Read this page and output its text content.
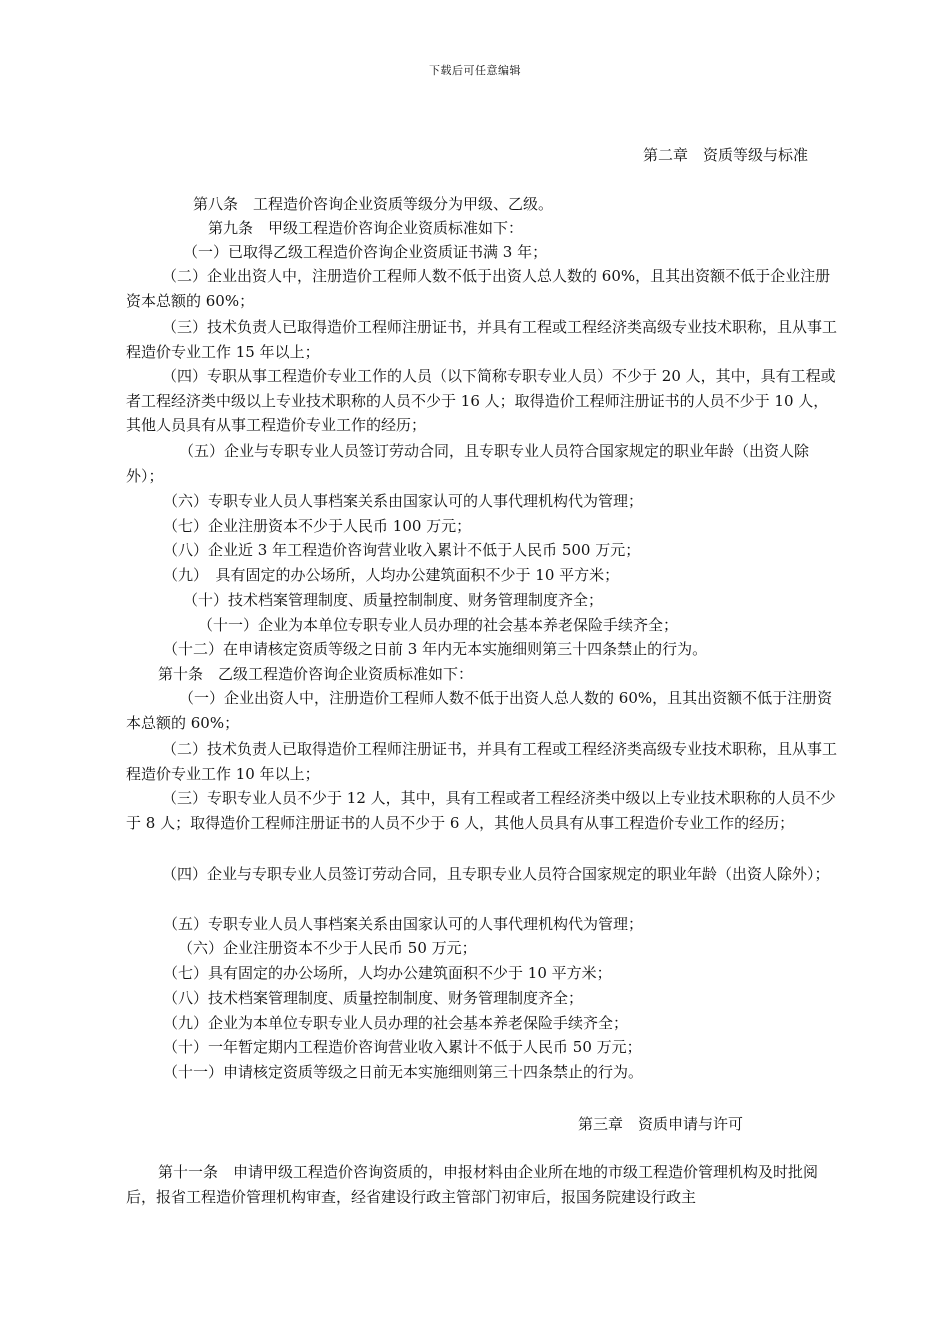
下载后可任意编辑
第二章　资质等级与标准
第八条　工程造价咨询企业资质等级分为甲级、乙级。
第九条　甲级工程造价咨询企业资质标准如下：
（一）已取得乙级工程造价咨询企业资质证书满 3 年；
（二）企业出资人中，注册造价工程师人数不低于出资人总人数的 60%，且其出资额不低于企业注册资本总额的 60%；
（三）技术负责人已取得造价工程师注册证书，并具有工程或工程经济类高级专业技术职称，且从事工程造价专业工作 15 年以上；
（四）专职从事工程造价专业工作的人员（以下简称专职专业人员）不少于 20 人，其中，具有工程或者工程经济类中级以上专业技术职称的人员不少于 16 人；取得造价工程师注册证书的人员不少于 10 人，其他人员具有从事工程造价专业工作的经历；
（五）企业与专职专业人员签订劳动合同，且专职专业人员符合国家规定的职业年龄（出资人除外）；
（六）专职专业人员人事档案关系由国家认可的人事代理机构代为管理；
（七）企业注册资本不少于人民币 100 万元；
（八）企业近 3 年工程造价咨询营业收入累计不低于人民币 500 万元；
（九）　具有固定的办公场所，人均办公建筑面积不少于 10 平方米；
（十）技术档案管理制度、质量控制制度、财务管理制度齐全；
（十一）企业为本单位专职专业人员办理的社会基本养老保险手续齐全；
（十二）在申请核定资质等级之日前 3 年内无本实施细则第三十四条禁止的行为。
第十条　乙级工程造价咨询企业资质标准如下：
（一）企业出资人中，注册造价工程师人数不低于出资人总人数的 60%，且其出资额不低于注册资本总额的 60%；
（二）技术负责人已取得造价工程师注册证书，并具有工程或工程经济类高级专业技术职称，且从事工程造价专业工作 10 年以上；
（三）专职专业人员不少于 12 人，其中，具有工程或者工程经济类中级以上专业技术职称的人员不少于 8 人；取得造价工程师注册证书的人员不少于 6 人，其他人员具有从事工程造价专业工作的经历；
（四）企业与专职专业人员签订劳动合同，且专职专业人员符合国家规定的职业年龄（出资人除外）；
（五）专职专业人员人事档案关系由国家认可的人事代理机构代为管理；
（六）企业注册资本不少于人民币 50 万元；
（七）具有固定的办公场所，人均办公建筑面积不少于 10 平方米；
（八）技术档案管理制度、质量控制制度、财务管理制度齐全；
（九）企业为本单位专职专业人员办理的社会基本养老保险手续齐全；
（十）一年暂定期内工程造价咨询营业收入累计不低于人民币 50 万元；
（十一）申请核定资质等级之日前无本实施细则第三十四条禁止的行为。
第三章　资质申请与许可
第十一条　申请甲级工程造价咨询资质的，申报材料由企业所在地的市级工程造价管理机构及时批阅后，报省工程造价管理机构审查，经省建设行政主管部门初审后，报国务院建设行政主
